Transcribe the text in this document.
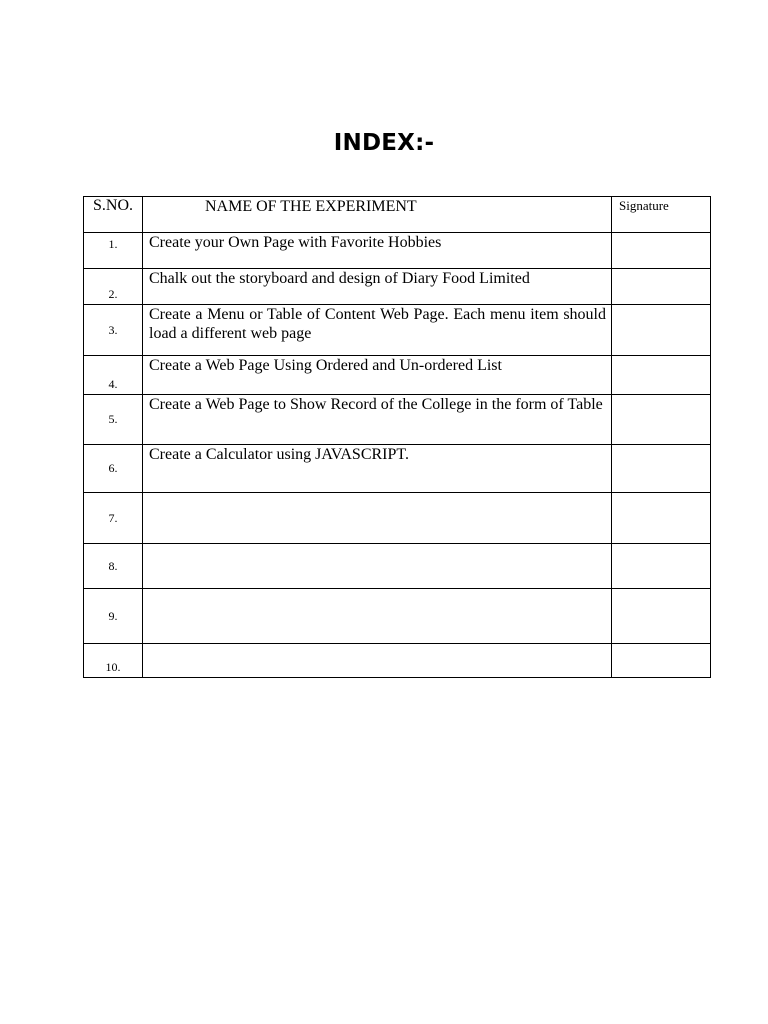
INDEX:-
S.NO.	NAME OF THE EXPERIMENT	Signature
1.	Create your Own Page with Favorite Hobbies	
2.	Chalk out the storyboard and design of Diary Food Limited	
3.	Create a Menu or Table of Content Web Page. Each menu item should load a different web page	
4.	Create a Web Page Using Ordered and Un-ordered List	
5.	Create a Web Page to Show Record of the College in the form of Table	
6.	Create a Calculator using JAVASCRIPT.	
7.		
8.		
9.		
10.		
